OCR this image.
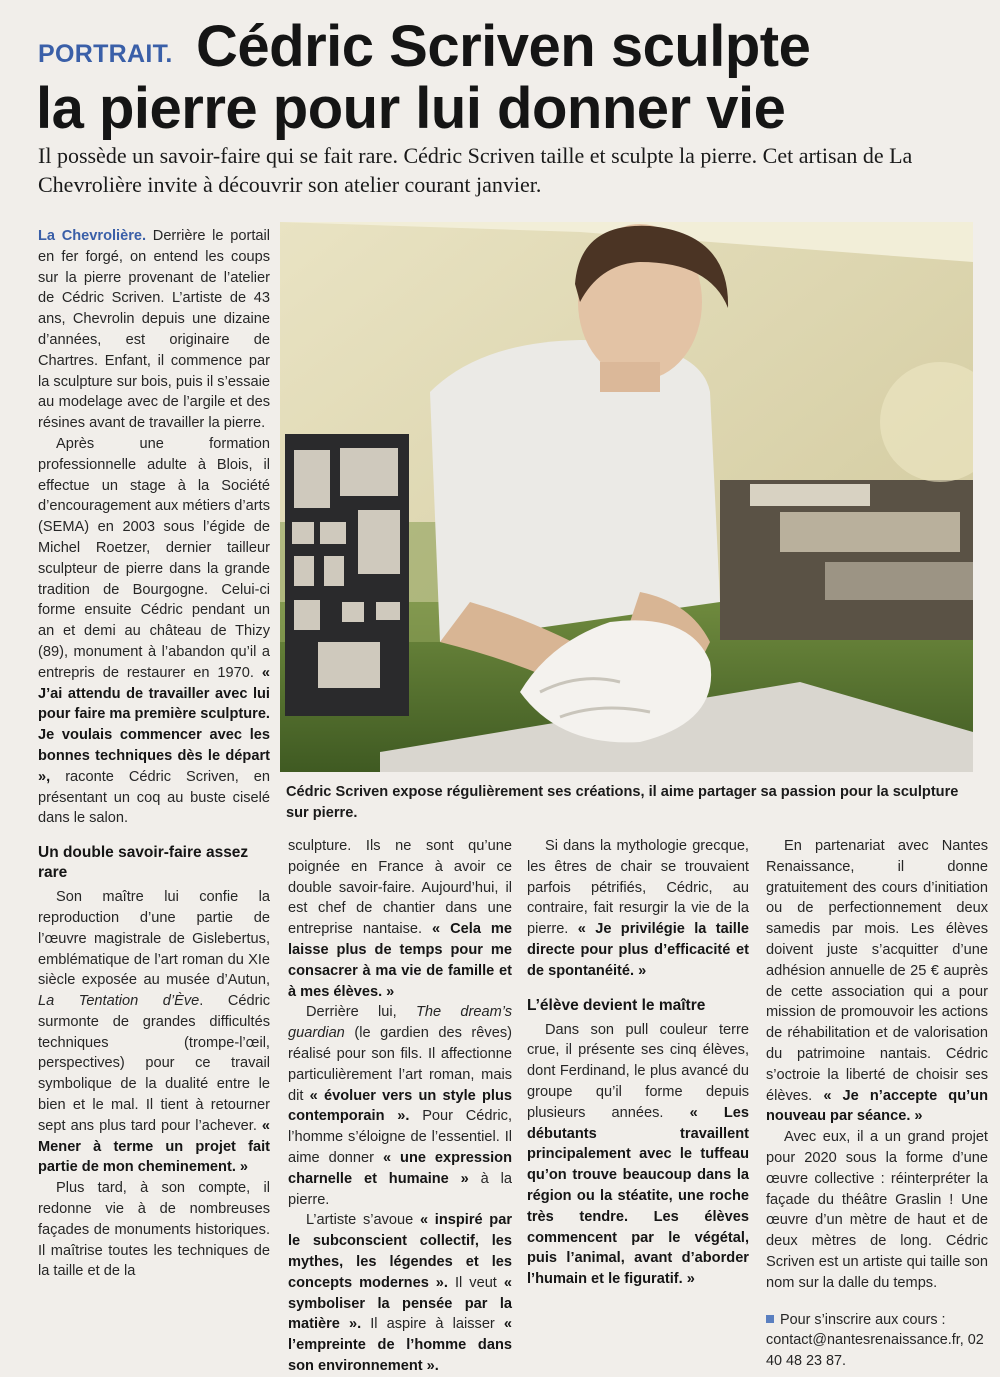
PORTRAIT. Cédric Scriven sculpte
la pierre pour lui donner vie
Il possède un savoir-faire qui se fait rare. Cédric Scriven taille et sculpte la pierre. Cet artisan de La Chevrolière invite à découvrir son atelier courant janvier.
Cédric Scriven expose régulièrement ses créations, il aime partager sa passion pour la sculpture sur pierre.

La Chevrolière. Derrière le portail en fer forgé, on entend les coups sur la pierre provenant de l’atelier de Cédric Scriven. L’artiste de 43 ans, Chevrolin depuis une dizaine d’années, est originaire de Chartres. Enfant, il commence par la sculpture sur bois, puis il s’essaie au modelage avec de l’argile et des résines avant de travailler la pierre.

Après une formation professionnelle adulte à Blois, il effectue un stage à la Société d’encouragement aux métiers d’arts (SEMA) en 2003 sous l’égide de Michel Roetzer, dernier tailleur sculpteur de pierre dans la grande tradition de Bourgogne. Celui-ci forme ensuite Cédric pendant un an et demi au château de Thizy (89), monument à l’abandon qu’il a entrepris de restaurer en 1970. « J’ai attendu de travailler avec lui pour faire ma première sculpture. Je voulais commencer avec les bonnes techniques dès le départ », raconte Cédric Scriven, en présentant un coq au buste ciselé dans le salon.

Un double savoir-faire assez rare

Son maître lui confie la reproduction d’une partie de l’œuvre magistrale de Gislebertus, emblématique de l’art roman du XIe siècle exposée au musée d’Autun, La Tentation d’Ève. Cédric surmonte de grandes difficultés techniques (trompe-l’œil, perspectives) pour ce travail symbolique de la dualité entre le bien et le mal. Il tient à retourner sept ans plus tard pour l’achever. « Mener à terme un projet fait partie de mon cheminement. »

Plus tard, à son compte, il redonne vie à de nombreuses façades de monuments historiques. Il maîtrise toutes les techniques de la taille et de la

sculpture. Ils ne sont qu’une poignée en France à avoir ce double savoir-faire. Aujourd’hui, il est chef de chantier dans une entreprise nantaise. « Cela me laisse plus de temps pour me consacrer à ma vie de famille et à mes élèves. »

Derrière lui, The dream’s guardian (le gardien des rêves) réalisé pour son fils. Il affectionne particulièrement l’art roman, mais dit « évoluer vers un style plus contemporain ». Pour Cédric, l’homme s’éloigne de l’essentiel. Il aime donner « une expression charnelle et humaine » à la pierre.

L’artiste s’avoue « inspiré par le subconscient collectif, les mythes, les légendes et les concepts modernes ». Il veut « symboliser la pensée par la matière ». Il aspire à laisser « l’empreinte de l’homme dans son environnement ».

Si dans la mythologie grecque, les êtres de chair se trouvaient parfois pétrifiés, Cédric, au contraire, fait resurgir la vie de la pierre. « Je privilégie la taille directe pour plus d’efficacité et de spontanéité. »

L’élève devient le maître

Dans son pull couleur terre crue, il présente ses cinq élèves, dont Ferdinand, le plus avancé du groupe qu’il forme depuis plusieurs années. « Les débutants travaillent principalement avec le tuffeau qu’on trouve beaucoup dans la région ou la stéatite, une roche très tendre. Les élèves commencent par le végétal, puis l’animal, avant d’aborder l’humain et le figuratif. »

En partenariat avec Nantes Renaissance, il donne gratuitement des cours d’initiation ou de perfectionnement deux samedis par mois. Les élèves doivent juste s’acquitter d’une adhésion annuelle de 25 € auprès de cette association qui a pour mission de promouvoir les actions de réhabilitation et de valorisation du patrimoine nantais. Cédric s’octroie la liberté de choisir ses élèves. « Je n’accepte qu’un nouveau par séance. »

Avec eux, il a un grand projet pour 2020 sous la forme d’une œuvre collective : réinterpréter la façade du théâtre Graslin ! Une œuvre d’un mètre de haut et de deux mètres de long. Cédric Scriven est un artiste qui taille son nom sur la dalle du temps.

Pour s’inscrire aux cours :
contact@nantesrenaissance.fr, 02 40 48 23 87.
